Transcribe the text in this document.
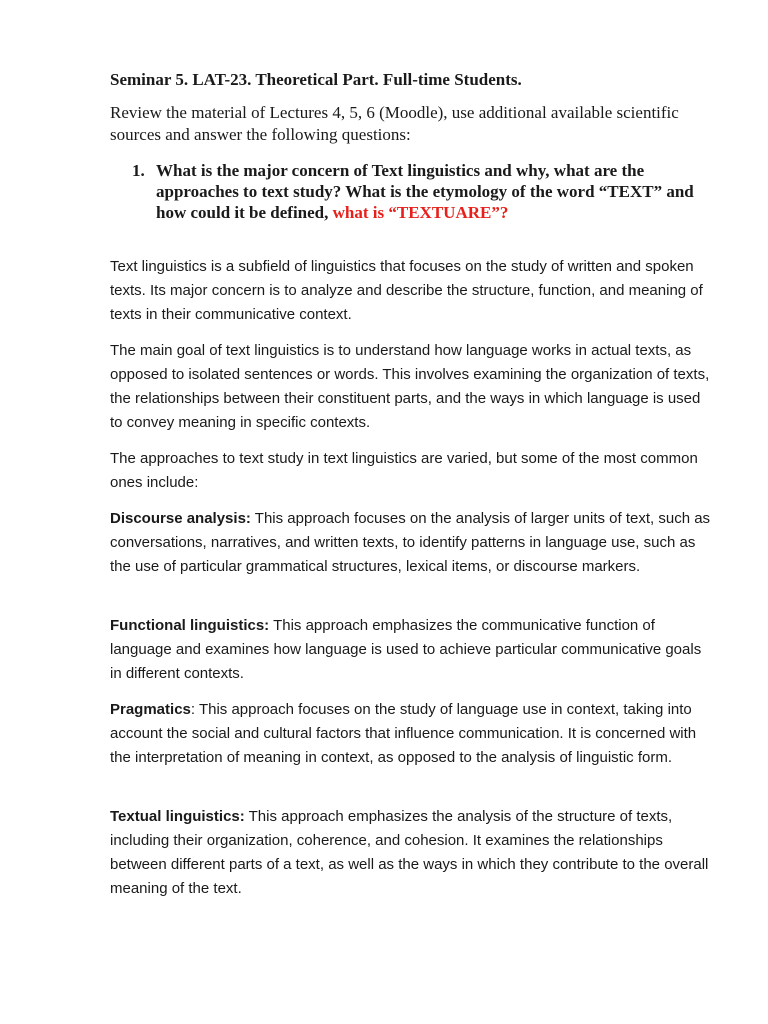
Seminar 5. LAT-23. Theoretical Part. Full-time Students.

Review the material of Lectures 4, 5, 6 (Moodle), use additional available scientific sources and answer the following questions:

1. What is the major concern of Text linguistics and why, what are the approaches to text study? What is the etymology of the word “TEXT” and how could it be defined, what is “TEXTUARE”?

Text linguistics is a subfield of linguistics that focuses on the study of written and spoken texts. Its major concern is to analyze and describe the structure, function, and meaning of texts in their communicative context.

The main goal of text linguistics is to understand how language works in actual texts, as opposed to isolated sentences or words. This involves examining the organization of texts, the relationships between their constituent parts, and the ways in which language is used to convey meaning in specific contexts.

The approaches to text study in text linguistics are varied, but some of the most common ones include:

Discourse analysis: This approach focuses on the analysis of larger units of text, such as conversations, narratives, and written texts, to identify patterns in language use, such as the use of particular grammatical structures, lexical items, or discourse markers.

Functional linguistics: This approach emphasizes the communicative function of language and examines how language is used to achieve particular communicative goals in different contexts.

Pragmatics: This approach focuses on the study of language use in context, taking into account the social and cultural factors that influence communication. It is concerned with the interpretation of meaning in context, as opposed to the analysis of linguistic form.

Textual linguistics: This approach emphasizes the analysis of the structure of texts, including their organization, coherence, and cohesion. It examines the relationships between different parts of a text, as well as the ways in which they contribute to the overall meaning of the text.
